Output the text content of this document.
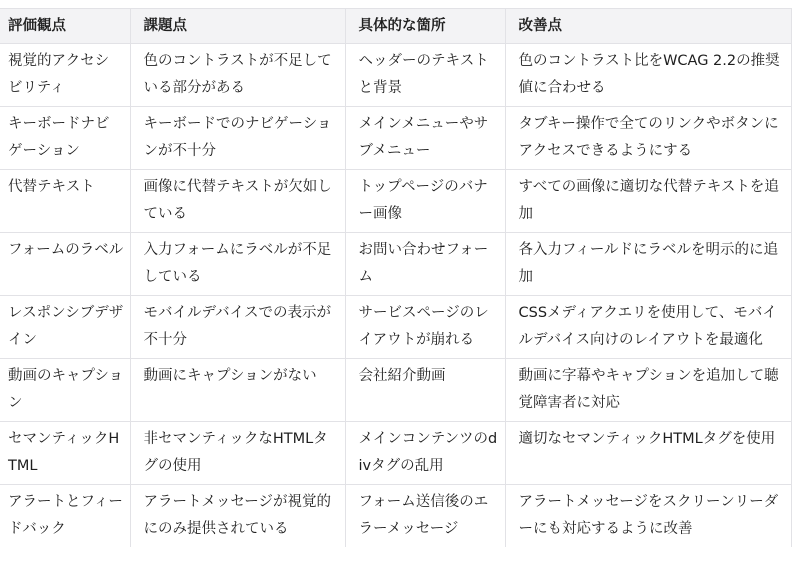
評価観点	課題点	具体的な箇所	改善点
視覚的アクセシビリティ	色のコントラストが不足している部分がある	ヘッダーのテキストと背景	色のコントラスト比をWCAG 2.2の推奨値に合わせる
キーボードナビゲーション	キーボードでのナビゲーションが不十分	メインメニューやサブメニュー	タブキー操作で全てのリンクやボタンにアクセスできるようにする
代替テキスト	画像に代替テキストが欠如している	トップページのバナー画像	すべての画像に適切な代替テキストを追加
フォームのラベル	入力フォームにラベルが不足している	お問い合わせフォーム	各入力フィールドにラベルを明示的に追加
レスポンシブデザイン	モバイルデバイスでの表示が不十分	サービスページのレイアウトが崩れる	CSSメディアクエリを使用して、モバイルデバイス向けのレイアウトを最適化
動画のキャプション	動画にキャプションがない	会社紹介動画	動画に字幕やキャプションを追加して聴覚障害者に対応
セマンティックHTML	非セマンティックなHTMLタグの使用	メインコンテンツのdivタグの乱用	適切なセマンティックHTMLタグを使用
アラートとフィードバック	アラートメッセージが視覚的にのみ提供されている	フォーム送信後のエラーメッセージ	アラートメッセージをスクリーンリーダーにも対応するように改善
